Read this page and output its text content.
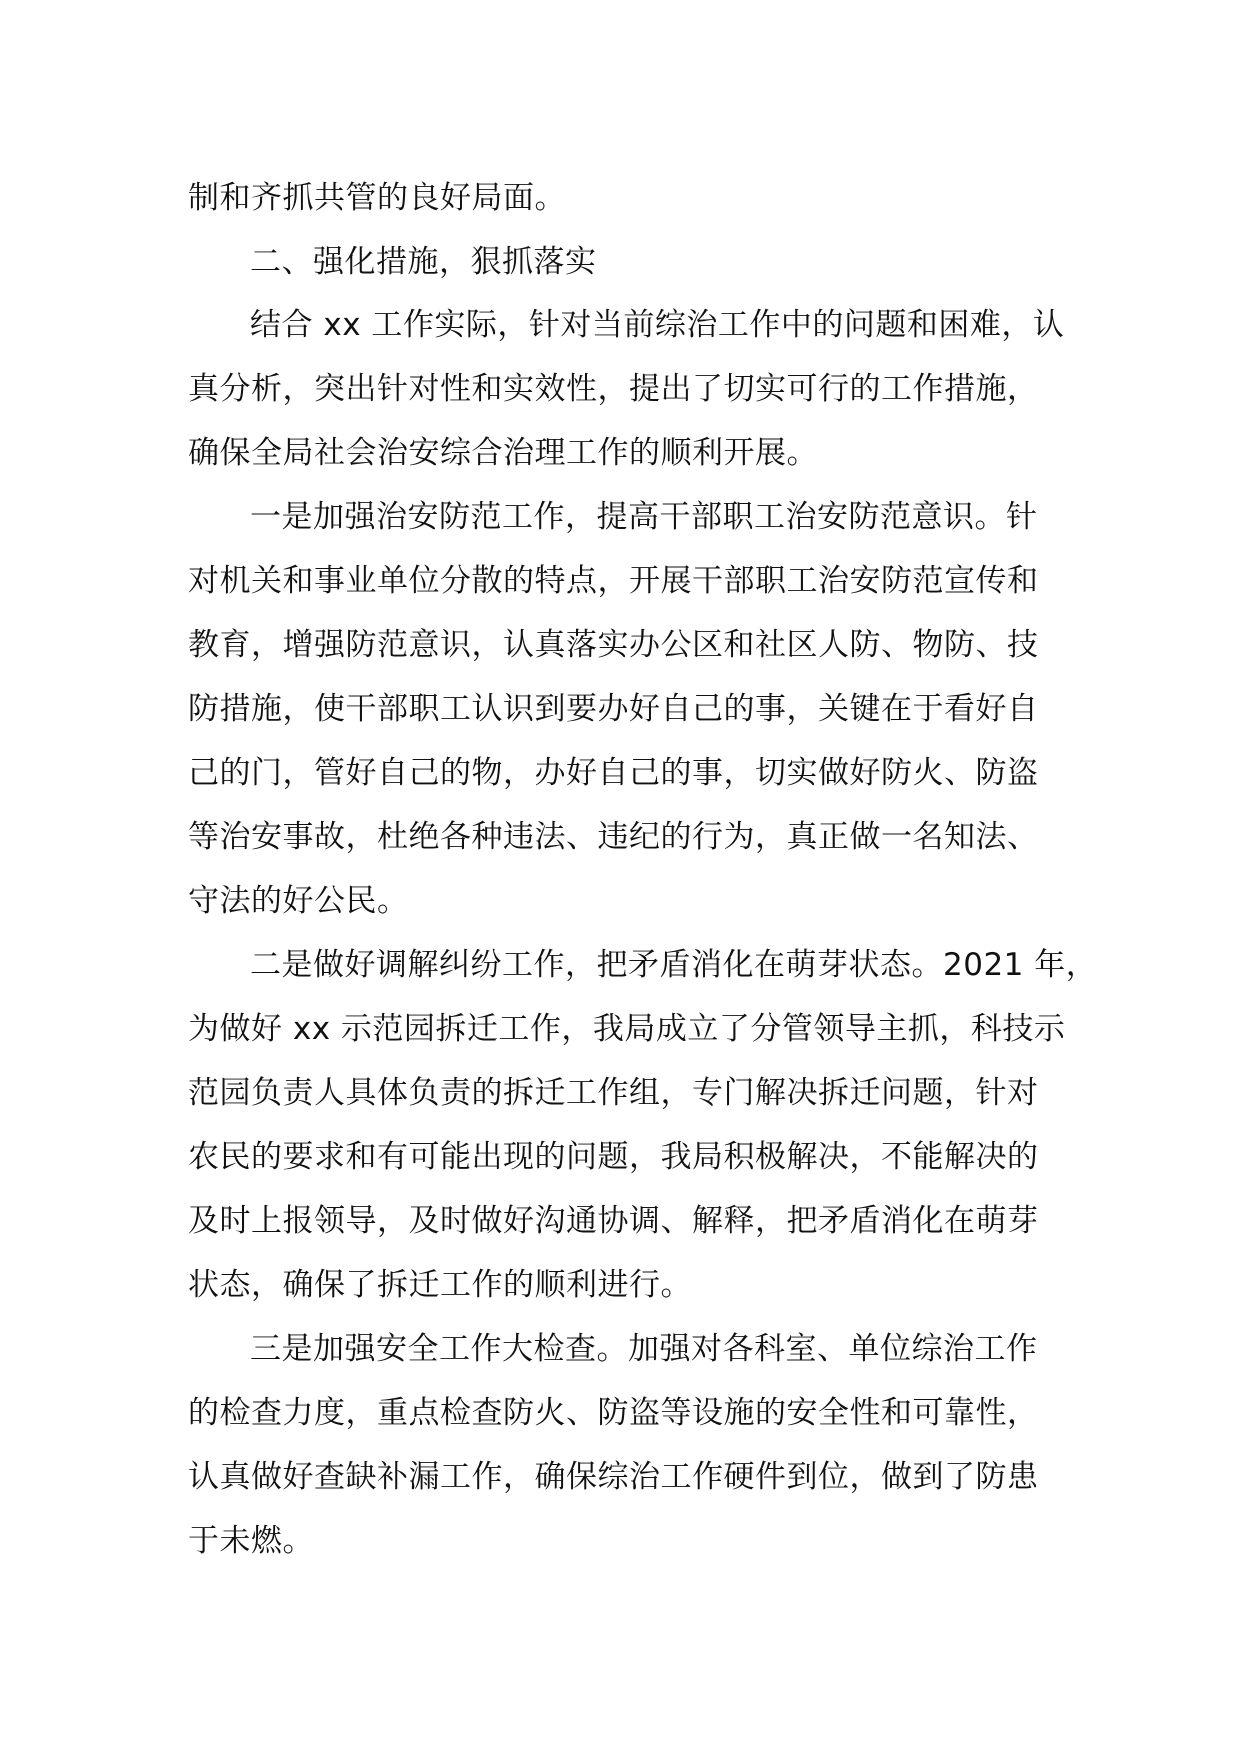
制和齐抓共管的良好局面。
二、强化措施，狠抓落实
结合 xx 工作实际，针对当前综治工作中的问题和困难，认
真分析，突出针对性和实效性，提出了切实可行的工作措施，
确保全局社会治安综合治理工作的顺利开展。
一是加强治安防范工作，提高干部职工治安防范意识。针
对机关和事业单位分散的特点，开展干部职工治安防范宣传和
教育，增强防范意识，认真落实办公区和社区人防、物防、技
防措施，使干部职工认识到要办好自己的事，关键在于看好自
己的门，管好自己的物，办好自己的事，切实做好防火、防盗
等治安事故，杜绝各种违法、违纪的行为，真正做一名知法、
守法的好公民。
二是做好调解纠纷工作，把矛盾消化在萌芽状态。2021 年，
为做好 xx 示范园拆迁工作，我局成立了分管领导主抓，科技示
范园负责人具体负责的拆迁工作组，专门解决拆迁问题，针对
农民的要求和有可能出现的问题，我局积极解决，不能解决的
及时上报领导，及时做好沟通协调、解释，把矛盾消化在萌芽
状态，确保了拆迁工作的顺利进行。
三是加强安全工作大检查。加强对各科室、单位综治工作
的检查力度，重点检查防火、防盗等设施的安全性和可靠性，
认真做好查缺补漏工作，确保综治工作硬件到位，做到了防患
于未燃。
